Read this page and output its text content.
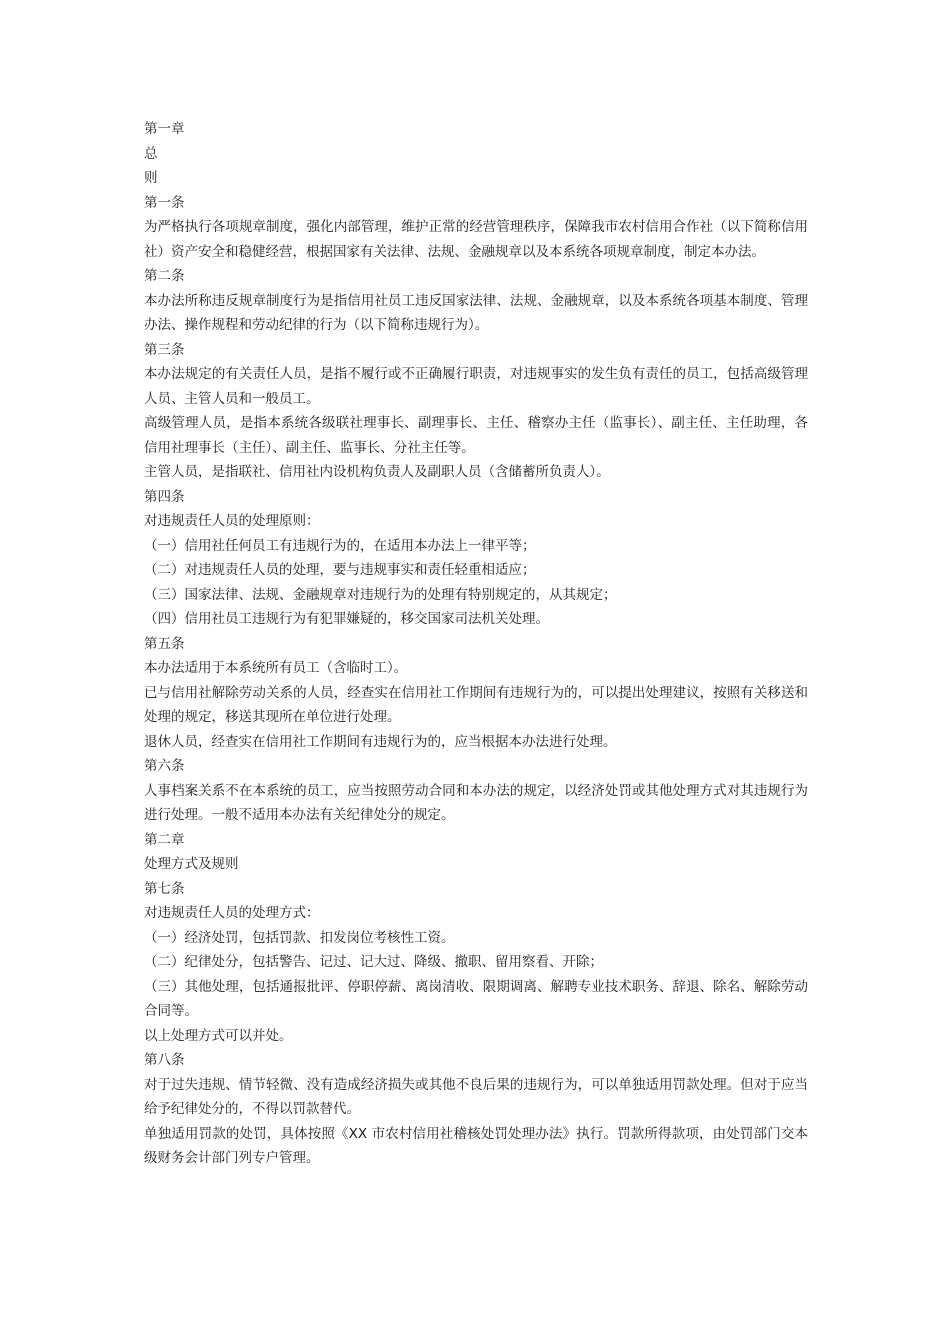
第一章

总

则

第一条

为严格执行各项规章制度，强化内部管理，维护正常的经营管理秩序，保障我市农村信用合作社（以下简称信用社）资产安全和稳健经营，根据国家有关法律、法规、金融规章以及本系统各项规章制度，制定本办法。

第二条

本办法所称违反规章制度行为是指信用社员工违反国家法律、法规、金融规章，以及本系统各项基本制度、管理办法、操作规程和劳动纪律的行为（以下简称违规行为）。

第三条

本办法规定的有关责任人员，是指不履行或不正确履行职责，对违规事实的发生负有责任的员工，包括高级管理人员、主管人员和一般员工。

高级管理人员，是指本系统各级联社理事长、副理事长、主任、稽察办主任（监事长）、副主任、主任助理，各信用社理事长（主任）、副主任、监事长、分社主任等。

主管人员，是指联社、信用社内设机构负责人及副职人员（含储蓄所负责人）。

第四条

对违规责任人员的处理原则：

（一）信用社任何员工有违规行为的，在适用本办法上一律平等；

（二）对违规责任人员的处理，要与违规事实和责任轻重相适应；

（三）国家法律、法规、金融规章对违规行为的处理有特别规定的，从其规定；

（四）信用社员工违规行为有犯罪嫌疑的，移交国家司法机关处理。

第五条

本办法适用于本系统所有员工（含临时工）。

已与信用社解除劳动关系的人员，经查实在信用社工作期间有违规行为的，可以提出处理建议，按照有关移送和处理的规定，移送其现所在单位进行处理。

退休人员，经查实在信用社工作期间有违规行为的，应当根据本办法进行处理。

第六条

人事档案关系不在本系统的员工，应当按照劳动合同和本办法的规定，以经济处罚或其他处理方式对其违规行为进行处理。一般不适用本办法有关纪律处分的规定。

第二章

处理方式及规则

第七条

对违规责任人员的处理方式：

（一）经济处罚，包括罚款、扣发岗位考核性工资。

（二）纪律处分，包括警告、记过、记大过、降级、撤职、留用察看、开除；

（三）其他处理，包括通报批评、停职停薪、离岗清收、限期调离、解聘专业技术职务、辞退、除名、解除劳动合同等。

以上处理方式可以并处。

第八条

对于过失违规、情节轻微、没有造成经济损失或其他不良后果的违规行为，可以单独适用罚款处理。但对于应当给予纪律处分的，不得以罚款替代。

单独适用罚款的处罚，具体按照《XX 市农村信用社稽核处罚处理办法》执行。罚款所得款项，由处罚部门交本级财务会计部门列专户管理。
